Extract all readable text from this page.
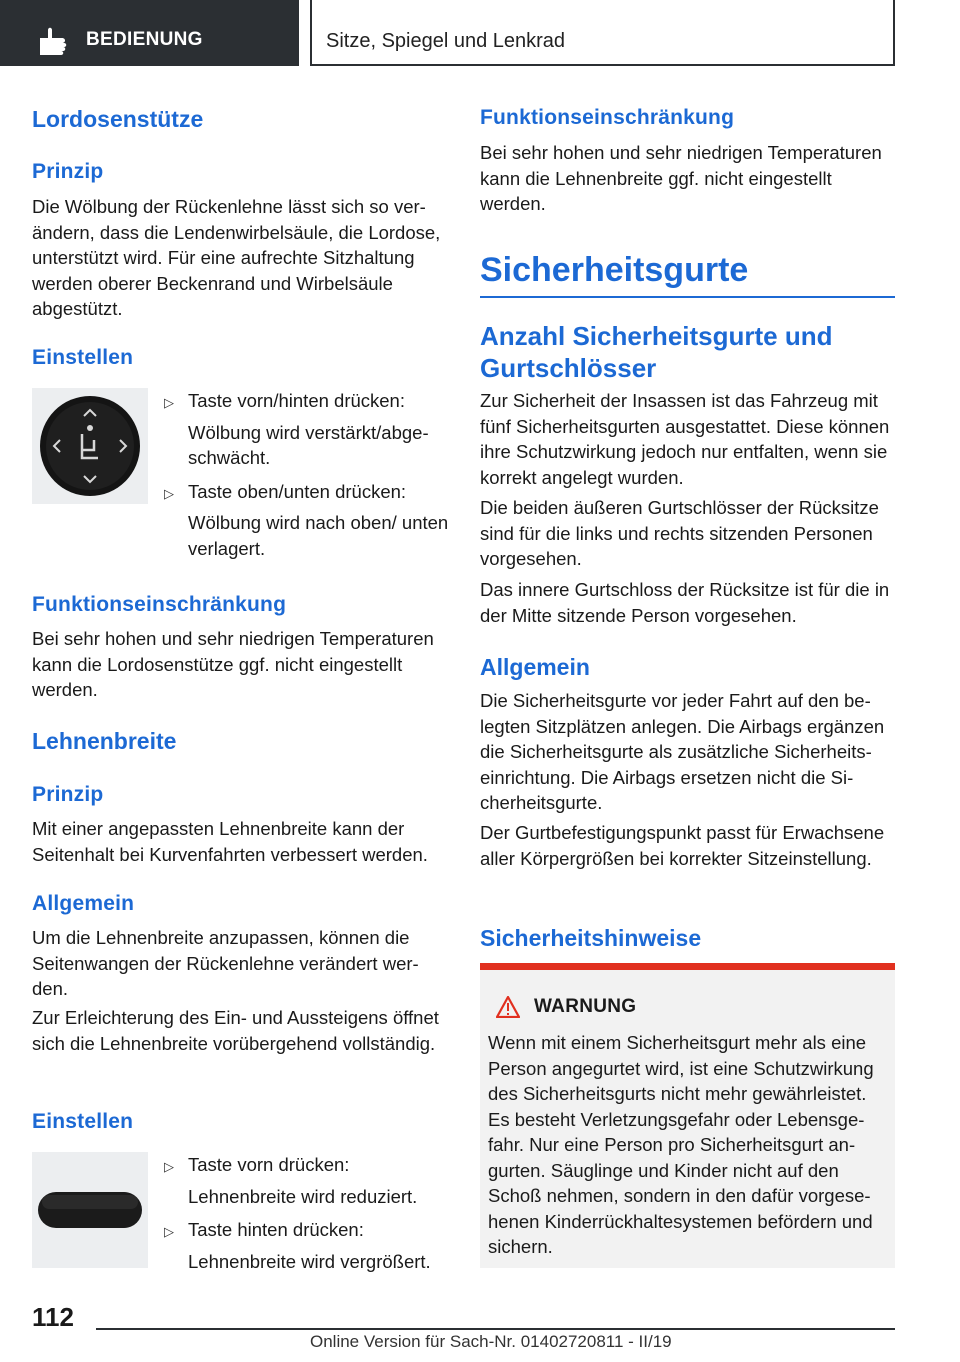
BEDIENUNG	Sitze, Spiegel und Lenkrad
Lordosenstütze
Prinzip
Die Wölbung der Rückenlehne lässt sich so verändern, dass die Lendenwirbelsäule, die Lordose, unterstützt wird. Für eine aufrechte Sitzhaltung werden oberer Beckenrand und Wirbelsäule abgestützt.
Einstellen
▷ Taste vorn/hinten drücken:
Wölbung wird verstärkt/abgeschwächt.
▷ Taste oben/unten drücken:
Wölbung wird nach oben/ unten verlagert.
Funktionseinschränkung
Bei sehr hohen und sehr niedrigen Temperaturen kann die Lordosenstütze ggf. nicht eingestellt werden.
Lehnenbreite
Prinzip
Mit einer angepassten Lehnenbreite kann der Seitenhalt bei Kurvenfahrten verbessert werden.
Allgemein
Um die Lehnenbreite anzupassen, können die Seitenwangen der Rückenlehne verändert werden.
Zur Erleichterung des Ein- und Aussteigens öffnet sich die Lehnenbreite vorübergehend vollständig.
Einstellen
▷ Taste vorn drücken:
Lehnenbreite wird reduziert.
▷ Taste hinten drücken:
Lehnenbreite wird vergrößert.
Funktionseinschränkung
Bei sehr hohen und sehr niedrigen Temperaturen kann die Lehnenbreite ggf. nicht eingestellt werden.
Sicherheitsgurte
Anzahl Sicherheitsgurte und Gurtschlösser
Zur Sicherheit der Insassen ist das Fahrzeug mit fünf Sicherheitsgurten ausgestattet. Diese können ihre Schutzwirkung jedoch nur entfalten, wenn sie korrekt angelegt wurden.
Die beiden äußeren Gurtschlösser der Rücksitze sind für die links und rechts sitzenden Personen vorgesehen.
Das innere Gurtschloss der Rücksitze ist für die in der Mitte sitzende Person vorgesehen.
Allgemein
Die Sicherheitsgurte vor jeder Fahrt auf den belegten Sitzplätzen anlegen. Die Airbags ergänzen die Sicherheitsgurte als zusätzliche Sicherheitseinrichtung. Die Airbags ersetzen nicht die Sicherheitsgurte.
Der Gurtbefestigungspunkt passt für Erwachsene aller Körpergrößen bei korrekter Sitzeinstellung.
Sicherheitshinweise
WARNUNG
Wenn mit einem Sicherheitsgurt mehr als eine Person angegurtet wird, ist eine Schutzwirkung des Sicherheitsgurts nicht mehr gewährleistet. Es besteht Verletzungsgefahr oder Lebensgefahr. Nur eine Person pro Sicherheitsgurt angurten. Säuglinge und Kinder nicht auf den Schoß nehmen, sondern in den dafür vorgesehenen Kinderrückhaltesystemen befördern und sichern.
112
Online Version für Sach-Nr. 01402720811 - II/19
